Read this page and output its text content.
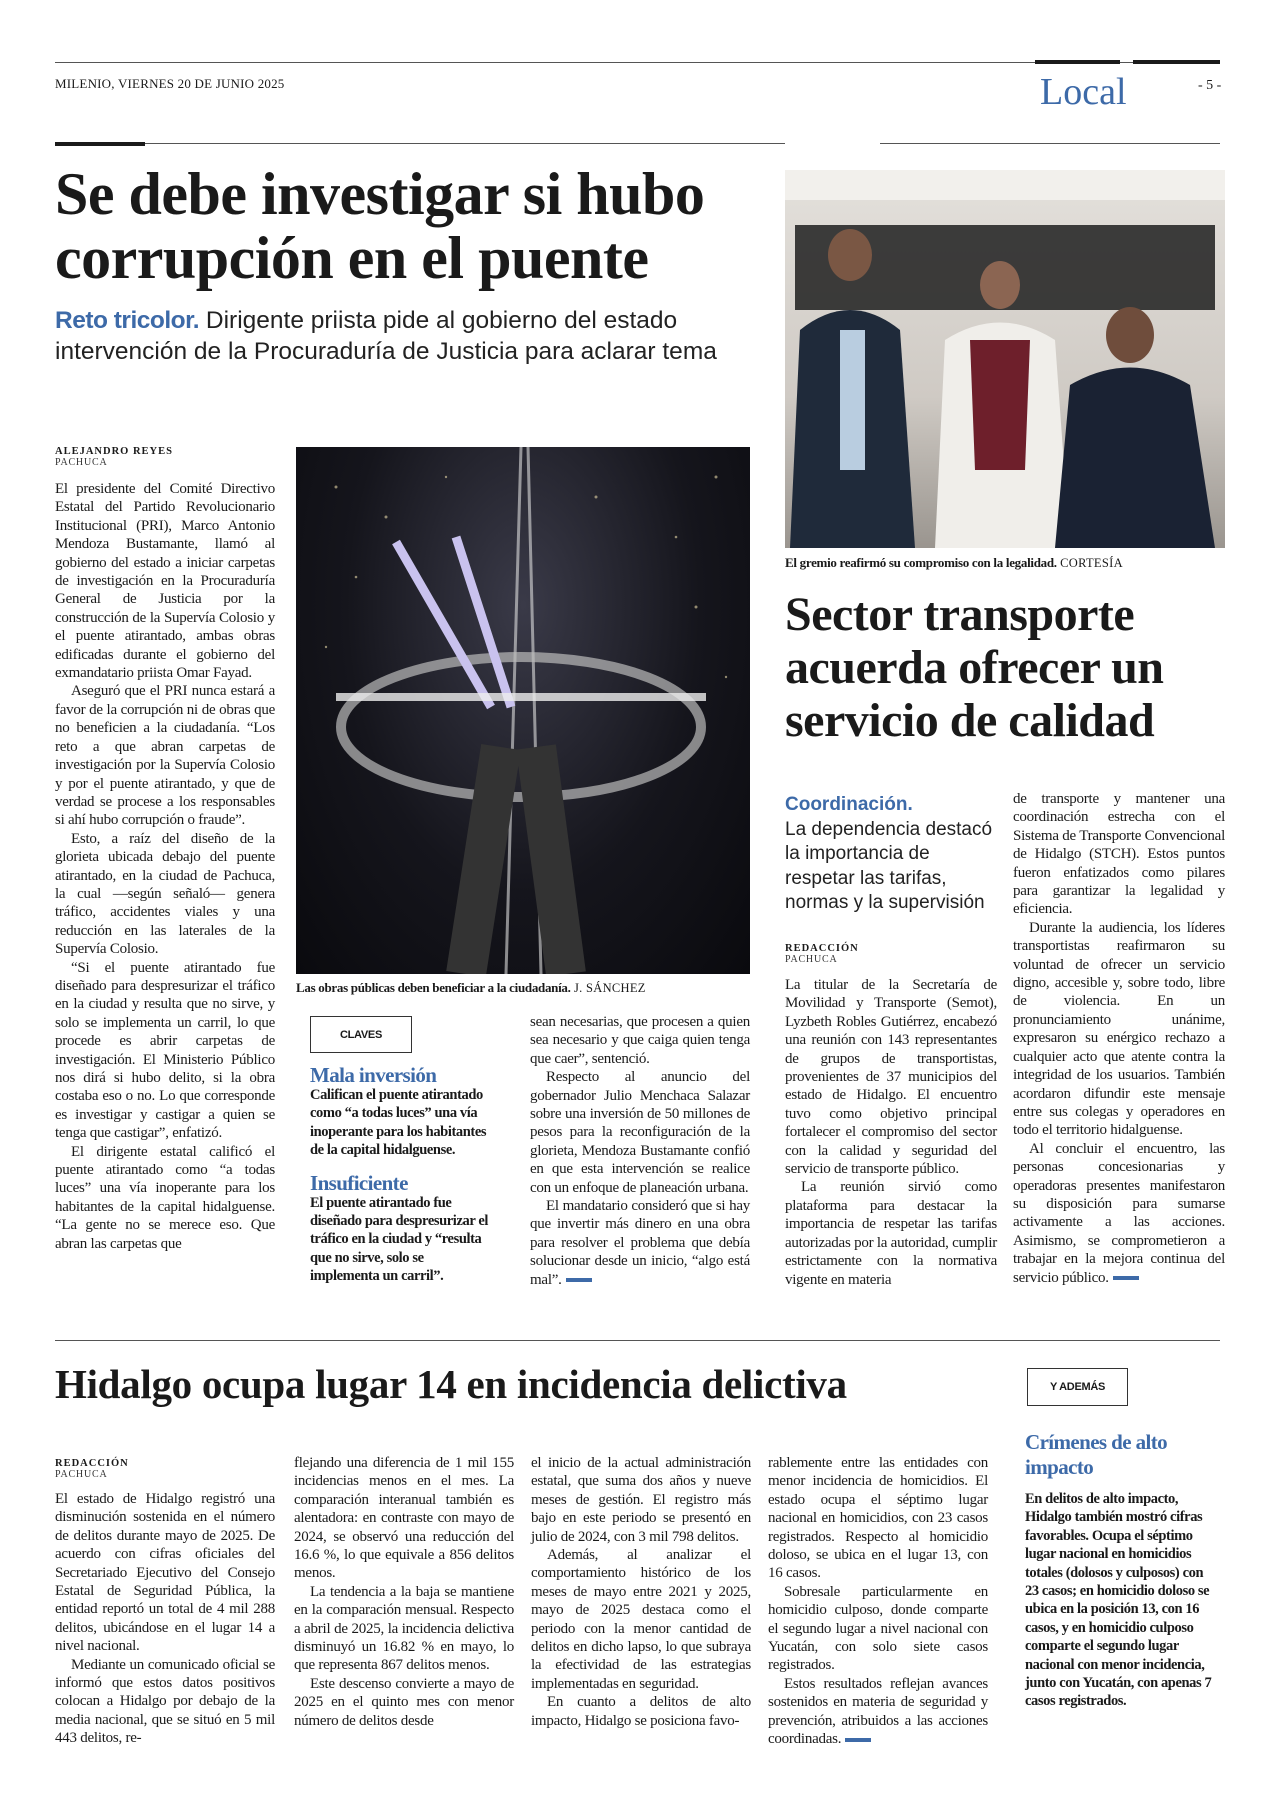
MILENIO, VIERNES 20 DE JUNIO 2025	Local	- 5 -
Se debe investigar si hubo corrupción en el puente
Reto tricolor. Dirigente priista pide al gobierno del estado intervención de la Procuraduría de Justicia para aclarar tema
ALEJANDRO REYES
PACHUCA

El presidente del Comité Directivo Estatal del Partido Revolucionario Institucional (PRI), Marco Antonio Mendoza Bustamante, llamó al gobierno del estado a iniciar carpetas de investigación en la Procuraduría General de Justicia por la construcción de la Supervía Colosio y el puente atirantado, ambas obras edificadas durante el gobierno del exmandatario priista Omar Fayad.

Aseguró que el PRI nunca estará a favor de la corrupción ni de obras que no beneficien a la ciudadanía. “Los reto a que abran carpetas de investigación por la Supervía Colosio y por el puente atirantado, y que de verdad se procese a los responsables si ahí hubo corrupción o fraude”.

Esto, a raíz del diseño de la glorieta ubicada debajo del puente atirantado, en la ciudad de Pachuca, la cual —según señaló— genera tráfico, accidentes viales y una reducción en las laterales de la Supervía Colosio.

“Si el puente atirantado fue diseñado para despresurizar el tráfico en la ciudad y resulta que no sirve, y solo se implementa un carril, lo que procede es abrir carpetas de investigación. El Ministerio Público nos dirá si hubo delito, si la obra costaba eso o no. Lo que corresponde es investigar y castigar a quien se tenga que castigar”, enfatizó.

El dirigente estatal calificó el puente atirantado como “a todas luces” una vía inoperante para los habitantes de la capital hidalguense. “La gente no se merece eso. Que abran las carpetas que

Las obras públicas deben beneficiar a la ciudadanía. J. SÁNCHEZ
CLAVES
Mala inversión
Califican el puente atirantado como “a todas luces” una vía inoperante para los habitantes de la capital hidalguense.
Insuficiente
El puente atirantado fue diseñado para despresurizar el tráfico en la ciudad y “resulta que no sirve, solo se implementa un carril”.

sean necesarias, que procesen a quien sea necesario y que caiga quien tenga que caer”, sentenció.

Respecto al anuncio del gobernador Julio Menchaca Salazar sobre una inversión de 50 millones de pesos para la reconfiguración de la glorieta, Mendoza Bustamante confió en que esta intervención se realice con un enfoque de planeación urbana.

El mandatario consideró que si hay que invertir más dinero en una obra para resolver el problema que debía solucionar desde un inicio, “algo está mal”.

El gremio reafirmó su compromiso con la legalidad. CORTESÍA
Sector transporte acuerda ofrecer un servicio de calidad
Coordinación.
La dependencia destacó la importancia de respetar las tarifas, normas y la supervisión
REDACCIÓN
PACHUCA

La titular de la Secretaría de Movilidad y Transporte (Semot), Lyzbeth Robles Gutiérrez, encabezó una reunión con 143 representantes de grupos de transportistas, provenientes de 37 municipios del estado de Hidalgo. El encuentro tuvo como objetivo principal fortalecer el compromiso del sector con la calidad y seguridad del servicio de transporte público.

La reunión sirvió como plataforma para destacar la importancia de respetar las tarifas autorizadas por la autoridad, cumplir estrictamente con la normativa vigente en materia

de transporte y mantener una coordinación estrecha con el Sistema de Transporte Convencional de Hidalgo (STCH). Estos puntos fueron enfatizados como pilares para garantizar la legalidad y eficiencia.

Durante la audiencia, los líderes transportistas reafirmaron su voluntad de ofrecer un servicio digno, accesible y, sobre todo, libre de violencia. En un pronunciamiento unánime, expresaron su enérgico rechazo a cualquier acto que atente contra la integridad de los usuarios. También acordaron difundir este mensaje entre sus colegas y operadores en todo el territorio hidalguense.

Al concluir el encuentro, las personas concesionarias y operadoras presentes manifestaron su disposición para sumarse activamente a las acciones. Asimismo, se comprometieron a trabajar en la mejora continua del servicio público.

Hidalgo ocupa lugar 14 en incidencia delictiva	Y ADEMÁS
REDACCIÓN
PACHUCA

El estado de Hidalgo registró una disminución sostenida en el número de delitos durante mayo de 2025. De acuerdo con cifras oficiales del Secretariado Ejecutivo del Consejo Estatal de Seguridad Pública, la entidad reportó un total de 4 mil 288 delitos, ubicándose en el lugar 14 a nivel nacional.

Mediante un comunicado oficial se informó que estos datos positivos colocan a Hidalgo por debajo de la media nacional, que se situó en 5 mil 443 delitos, re-

flejando una diferencia de 1 mil 155 incidencias menos en el mes. La comparación interanual también es alentadora: en contraste con mayo de 2024, se observó una reducción del 16.6 %, lo que equivale a 856 delitos menos.

La tendencia a la baja se mantiene en la comparación mensual. Respecto a abril de 2025, la incidencia delictiva disminuyó un 16.82 % en mayo, lo que representa 867 delitos menos.

Este descenso convierte a mayo de 2025 en el quinto mes con menor número de delitos desde

el inicio de la actual administración estatal, que suma dos años y nueve meses de gestión. El registro más bajo en este periodo se presentó en julio de 2024, con 3 mil 798 delitos.

Además, al analizar el comportamiento histórico de los meses de mayo entre 2021 y 2025, mayo de 2025 destaca como el periodo con la menor cantidad de delitos en dicho lapso, lo que subraya la efectividad de las estrategias implementadas en seguridad.

En cuanto a delitos de alto impacto, Hidalgo se posiciona favo-

rablemente entre las entidades con menor incidencia de homicidios. El estado ocupa el séptimo lugar nacional en homicidios, con 23 casos registrados. Respecto al homicidio doloso, se ubica en el lugar 13, con 16 casos.

Sobresale particularmente en homicidio culposo, donde comparte el segundo lugar a nivel nacional con Yucatán, con solo siete casos registrados.

Estos resultados reflejan avances sostenidos en materia de seguridad y prevención, atribuidos a las acciones coordinadas.

Crímenes de alto impacto
En delitos de alto impacto, Hidalgo también mostró cifras favorables. Ocupa el séptimo lugar nacional en homicidios totales (dolosos y culposos) con 23 casos; en homicidio doloso se ubica en la posición 13, con 16 casos, y en homicidio culposo comparte el segundo lugar nacional con menor incidencia, junto con Yucatán, con apenas 7 casos registrados.
